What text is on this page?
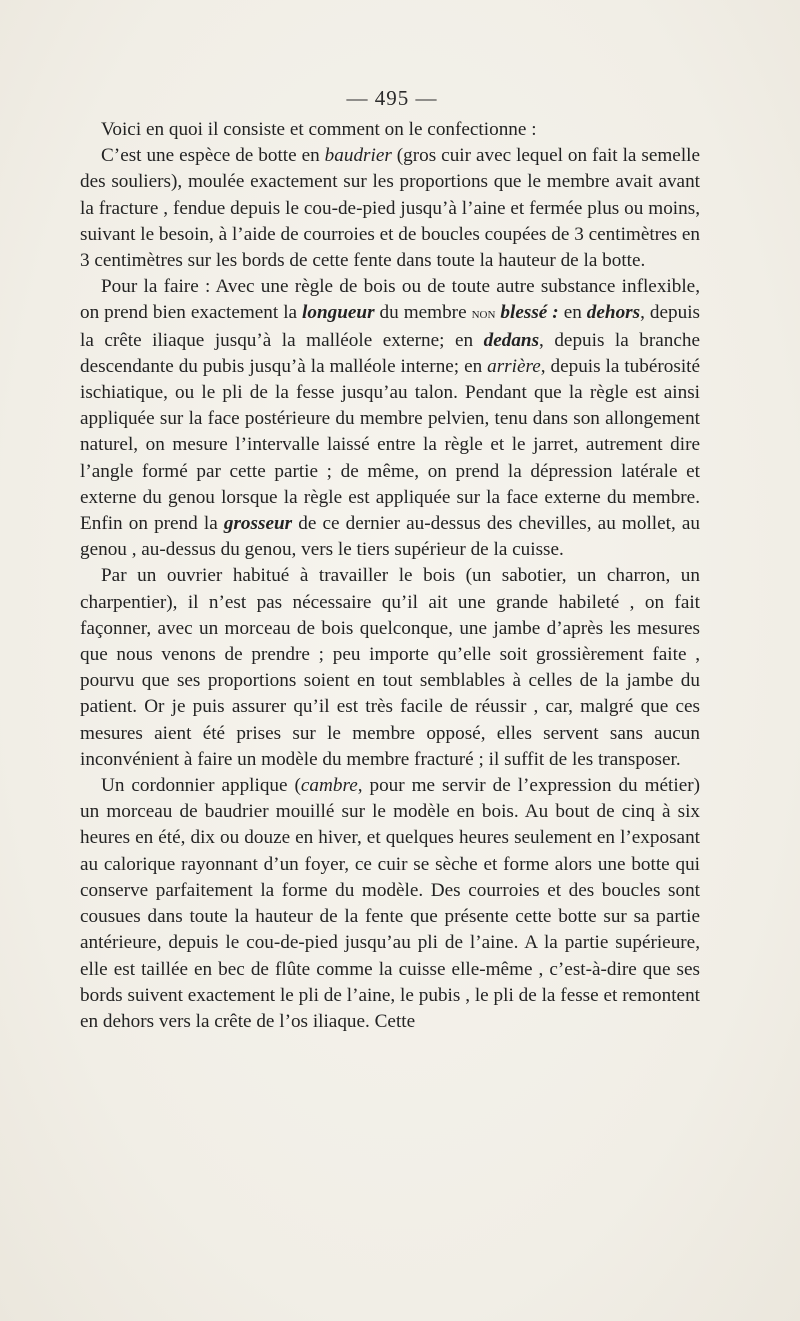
— 495 —

Voici en quoi il consiste et comment on le confectionne :

C’est une espèce de botte en baudrier (gros cuir avec lequel on fait la semelle des souliers), moulée exactement sur les proportions que le membre avait avant la fracture , fendue depuis le cou-de-pied jusqu’à l’aine et fermée plus ou moins, suivant le besoin, à l’aide de courroies et de boucles coupées de 3 centimètres en 3 centimètres sur les bords de cette fente dans toute la hauteur de la botte.

Pour la faire : Avec une règle de bois ou de toute autre substance inflexible, on prend bien exactement la longueur du membre non blessé : en dehors, depuis la crête iliaque jusqu’à la malléole externe; en dedans, depuis la branche descendante du pubis jusqu’à la malléole interne; en arrière, depuis la tubérosité ischiatique, ou le pli de la fesse jusqu’au talon. Pendant que la règle est ainsi appliquée sur la face postérieure du membre pelvien, tenu dans son allongement naturel, on mesure l’intervalle laissé entre la règle et le jarret, autrement dire l’angle formé par cette partie ; de même, on prend la dépression latérale et externe du genou lorsque la règle est appliquée sur la face externe du membre. Enfin on prend la grosseur de ce dernier au-dessus des chevilles, au mollet, au genou , au-dessus du genou, vers le tiers supérieur de la cuisse.

Par un ouvrier habitué à travailler le bois (un sabotier, un charron, un charpentier), il n’est pas nécessaire qu’il ait une grande habileté , on fait façonner, avec un morceau de bois quelconque, une jambe d’après les mesures que nous venons de prendre ; peu importe qu’elle soit grossièrement faite , pourvu que ses proportions soient en tout semblables à celles de la jambe du patient. Or je puis assurer qu’il est très facile de réussir , car, malgré que ces mesures aient été prises sur le membre opposé, elles servent sans aucun inconvénient à faire un modèle du membre fracturé ; il suffit de les transposer.

Un cordonnier applique (cambre, pour me servir de l’expression du métier) un morceau de baudrier mouillé sur le modèle en bois. Au bout de cinq à six heures en été, dix ou douze en hiver, et quelques heures seulement en l’exposant au calorique rayonnant d’un foyer, ce cuir se sèche et forme alors une botte qui conserve parfaitement la forme du modèle. Des courroies et des boucles sont cousues dans toute la hauteur de la fente que présente cette botte sur sa partie antérieure, depuis le cou-de-pied jusqu’au pli de l’aine. A la partie supérieure, elle est taillée en bec de flûte comme la cuisse elle-même , c’est-à-dire que ses bords suivent exactement le pli de l’aine, le pubis , le pli de la fesse et remontent en dehors vers la crête de l’os iliaque. Cette
